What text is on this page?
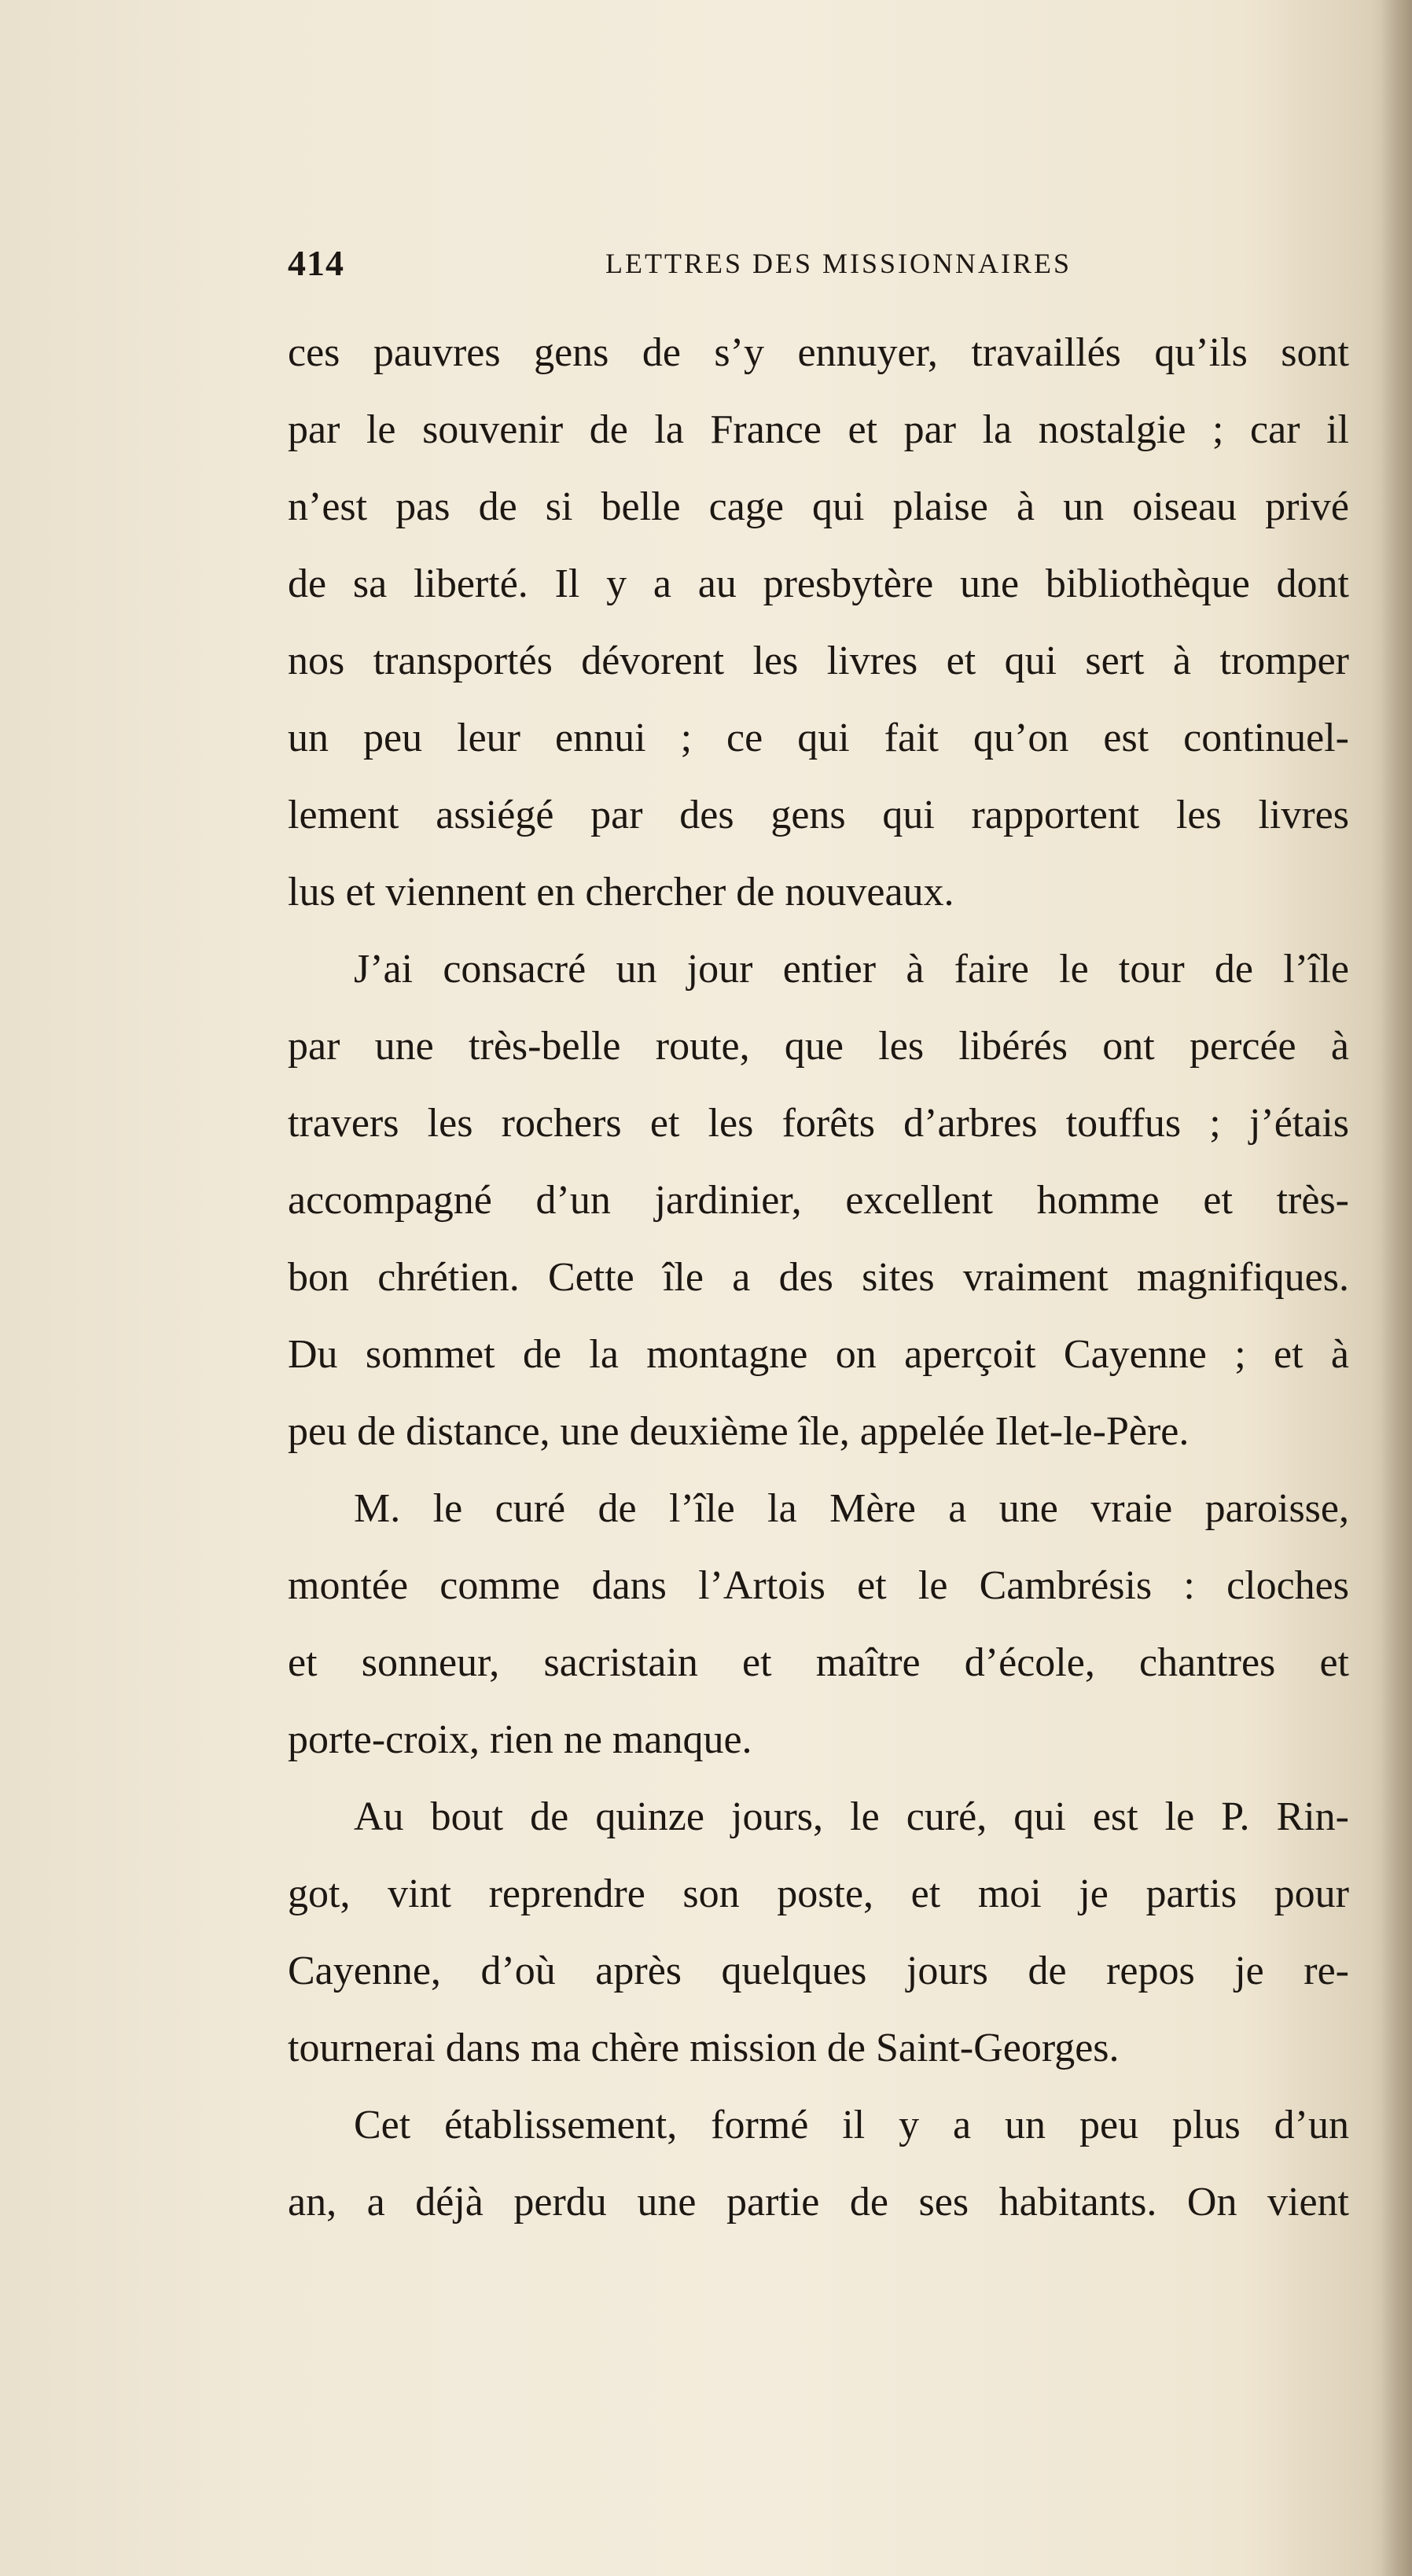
414	LETTRES DES MISSIONNAIRES
ces pauvres gens de s’y ennuyer, travaillés qu’ils sont
par le souvenir de la France et par la nostalgie ; car il
n’est pas de si belle cage qui plaise à un oiseau privé
de sa liberté. Il y a au presbytère une bibliothèque dont
nos transportés dévorent les livres et qui sert à tromper
un peu leur ennui ; ce qui fait qu’on est continuel-
lement assiégé par des gens qui rapportent les livres
lus et viennent en chercher de nouveaux.
J’ai consacré un jour entier à faire le tour de l’île
par une très-belle route, que les libérés ont percée à
travers les rochers et les forêts d’arbres touffus ; j’étais
accompagné d’un jardinier, excellent homme et très-
bon chrétien. Cette île a des sites vraiment magnifiques.
Du sommet de la montagne on aperçoit Cayenne ; et à
peu de distance, une deuxième île, appelée Ilet-le-Père.
M. le curé de l’île la Mère a une vraie paroisse,
montée comme dans l’Artois et le Cambrésis : cloches
et sonneur, sacristain et maître d’école, chantres et
porte-croix, rien ne manque.
Au bout de quinze jours, le curé, qui est le P. Rin-
got, vint reprendre son poste, et moi je partis pour
Cayenne, d’où après quelques jours de repos je re-
tournerai dans ma chère mission de Saint-Georges.
Cet établissement, formé il y a un peu plus d’un
an, a déjà perdu une partie de ses habitants. On vient
